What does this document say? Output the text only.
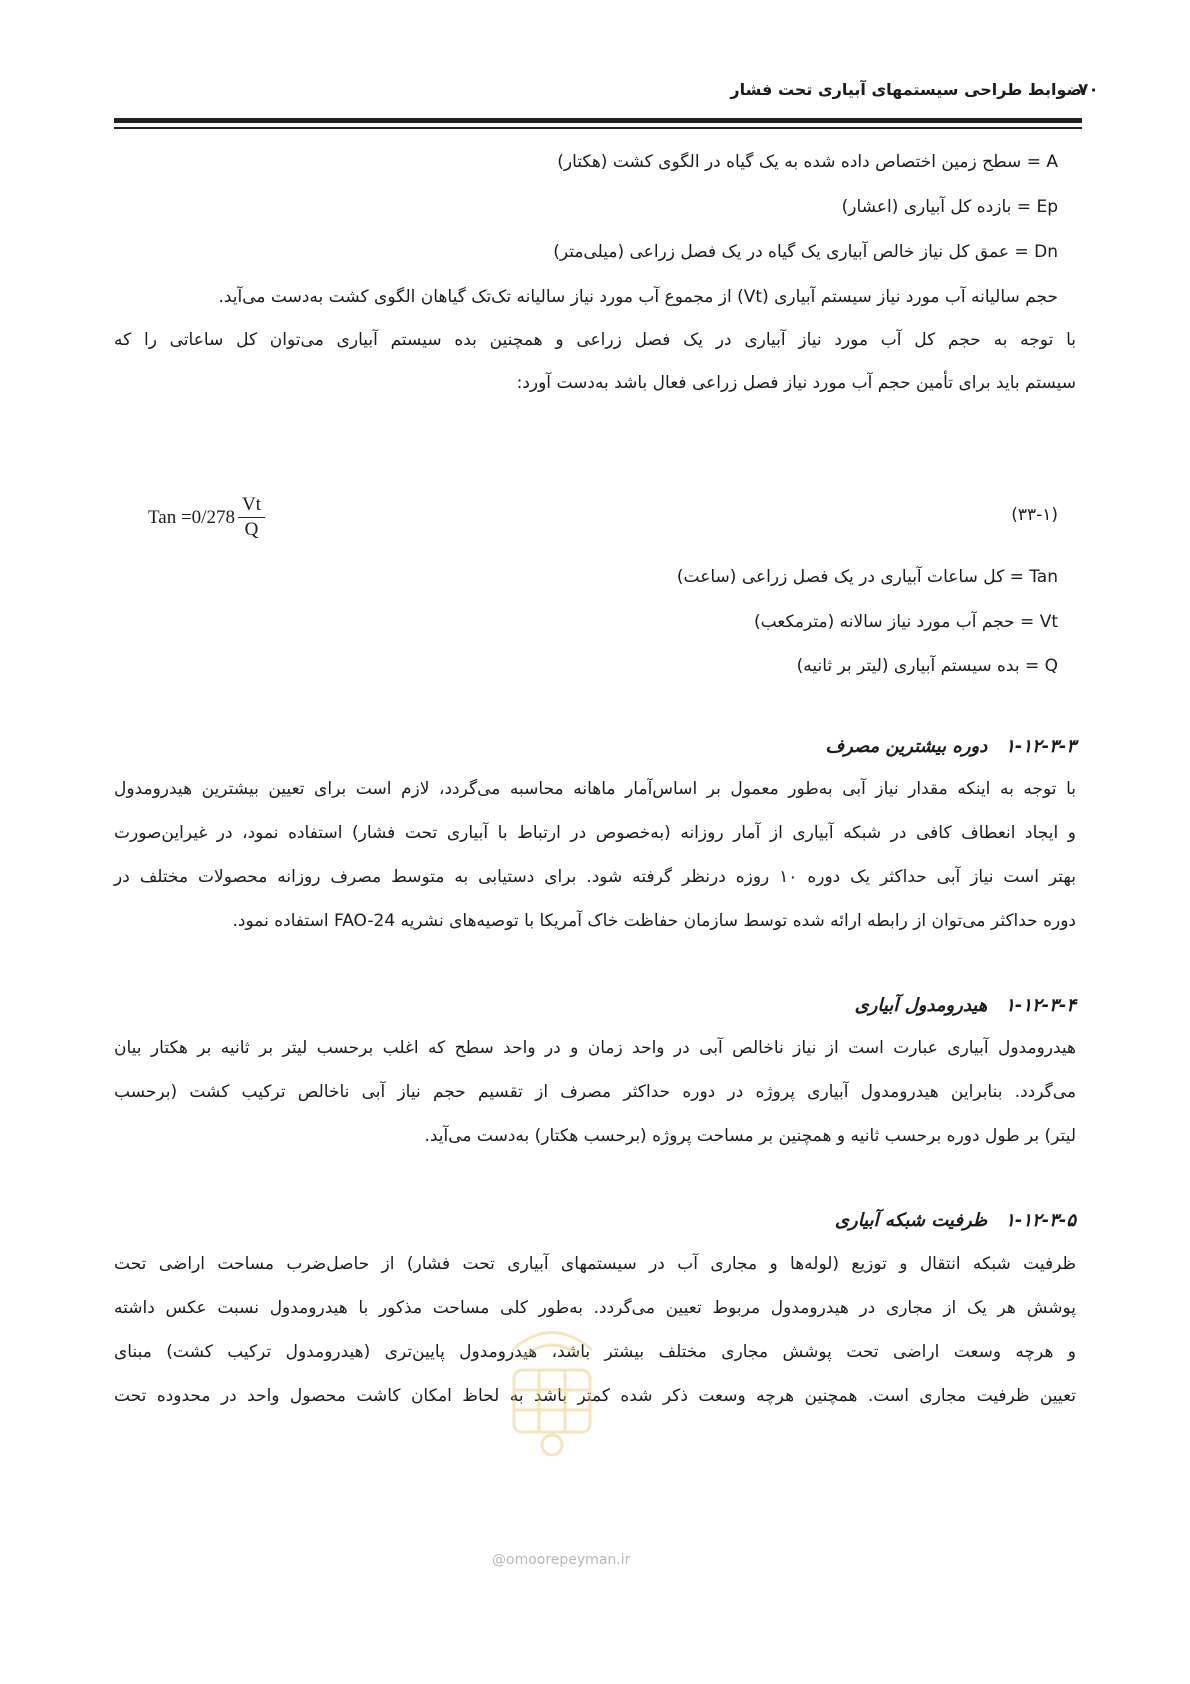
ضوابط طراحی سیستمهای آبیاری تحت فشار
۷۰
A = سطح زمین اختصاص داده شده به یک گیاه در الگوی کشت (هکتار)
Ep = بازده کل آبیاری (اعشار)
Dn = عمق کل نیاز خالص آبیاری یک گیاه در یک فصل زراعی (میلی‌متر)
حجم سالیانه آب مورد نیاز سیستم آبیاری (Vt) از مجموع آب مورد نیاز سالیانه تک‌تک گیاهان الگوی کشت به‌دست می‌آید.
با توجه به حجم کل آب مورد نیاز آبیاری در یک فصل زراعی و همچنین بده سیستم آبیاری می‌توان کل ساعاتی را که
سیستم باید برای تأمین حجم آب مورد نیاز فصل زراعی فعال باشد به‌دست آورد:
Tan $=0/278 \frac{Vt}{Q}$	(۳۳-۱)
Tan = کل ساعات آبیاری در یک فصل زراعی (ساعت)
Vt = حجم آب مورد نیاز سالانه (مترمکعب)
Q = بده سیستم آبیاری (لیتر بر ثانیه)
۱-۱۲-۳-۳دوره بیشترین مصرف
با توجه به اینکه مقدار نیاز آبی به‌طور معمول بر اساس‌آمار ماهانه محاسبه می‌گردد، لازم است برای تعیین بیشترین هیدرومدول
و ایجاد انعطاف کافی در شبکه آبیاری از آمار روزانه (به‌خصوص در ارتباط با آبیاری تحت فشار) استفاده نمود، در غیراین‌صورت
بهتر است نیاز آبی حداکثر یک دوره ۱۰ روزه درنظر گرفته شود. برای دستیابی به متوسط مصرف روزانه محصولات مختلف در
دوره حداکثر می‌توان از رابطه ارائه شده توسط سازمان حفاظت خاک آمریکا با توصیه‌های نشریه FAO-24 استفاده نمود.
۱-۱۲-۳-۴هیدرومدول آبیاری
هیدرومدول آبیاری عبارت است از نیاز ناخالص آبی در واحد زمان و در واحد سطح که اغلب برحسب لیتر بر ثانیه بر هکتار بیان
می‌گردد. بنابراین هیدرومدول آبیاری پروژه در دوره حداکثر مصرف از تقسیم حجم نیاز آبی ناخالص ترکیب کشت (برحسب
لیتر) بر طول دوره برحسب ثانیه و همچنین بر مساحت پروژه (برحسب هکتار) به‌دست می‌آید.
۱-۱۲-۳-۵ظرفیت شبکه آبیاری
ظرفیت شبکه انتقال و توزیع (لوله‌ها و مجاری آب در سیستمهای آبیاری تحت فشار) از حاصل‌ضرب مساحت اراضی تحت
پوشش هر یک از مجاری در هیدرومدول مربوط تعیین می‌گردد. به‌طور کلی مساحت مذکور با هیدرومدول نسبت عکس داشته
و هرچه وسعت اراضی تحت پوشش مجاری مختلف بیشتر باشد، هیدرومدول پایین‌تری (هیدرومدول ترکیب کشت) مبنای
تعیین ظرفیت مجاری است. همچنین هرچه وسعت ذکر شده کمتر باشد به لحاظ امکان کاشت محصول واحد در محدوده تحت
@omoorepeyman.ir
